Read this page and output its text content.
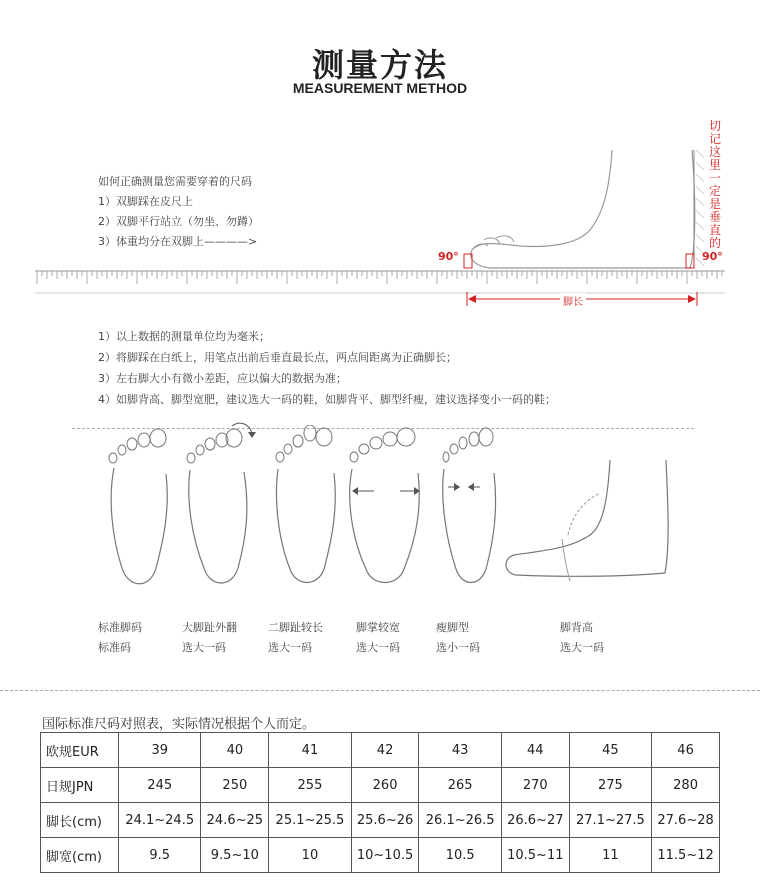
测量方法
MEASUREMENT METHOD
如何正确测量您需要穿着的尺码
1）双脚踩在皮尺上
2）双脚平行站立（勿坐、勿蹲）
3）体重均分在双脚上————>
90°	90°
切记这里一定是垂直的
脚长
1）以上数据的测量单位均为毫米；
2）将脚踩在白纸上，用笔点出前后垂直最长点，两点间距离为正确脚长；
3）左右脚大小有微小差距，应以偏大的数据为准；
4）如脚背高、脚型宽肥，建议选大一码的鞋，如脚背平、脚型纤瘦，建议选择变小一码的鞋；
标准脚码
标准码
大脚趾外翻
选大一码
二脚趾较长
选大一码
脚掌较宽
选大一码
瘦脚型
选小一码
脚背高
选大一码
国际标准尺码对照表，实际情况根据个人而定。
欧规EUR	39	40	41	42	43	44	45	46
日规JPN	245	250	255	260	265	270	275	280
脚长(cm)	24.1~24.5	24.6~25	25.1~25.5	25.6~26	26.1~26.5	26.6~27	27.1~27.5	27.6~28
脚宽(cm)	9.5	9.5~10	10	10~10.5	10.5	10.5~11	11	11.5~12
